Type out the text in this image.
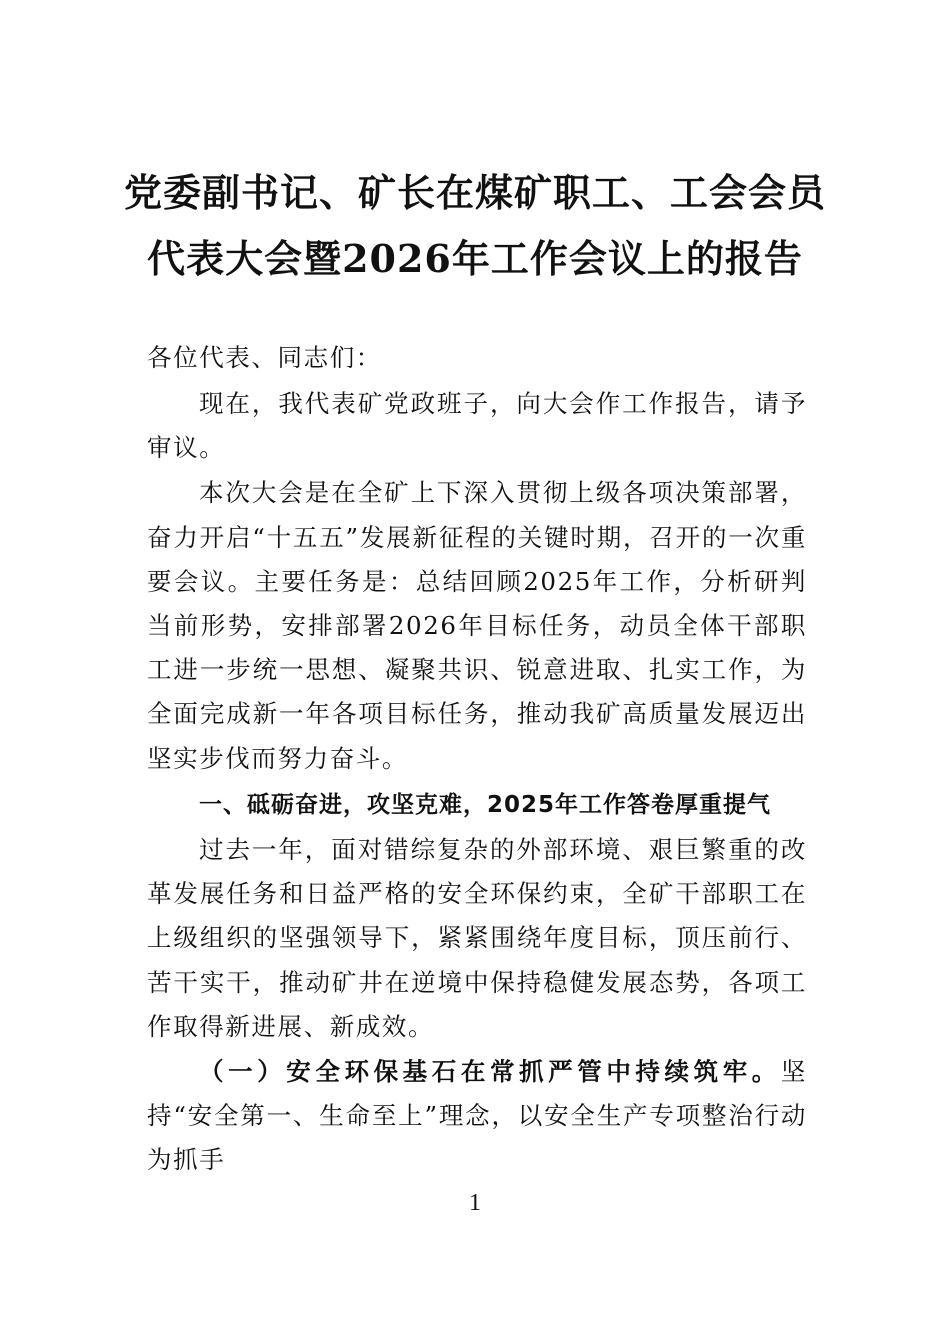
党委副书记、矿长在煤矿职工、工会会员
代表大会暨2026年工作会议上的报告
各位代表、同志们：

现在，我代表矿党政班子，向大会作工作报告，请予审议。

本次大会是在全矿上下深入贯彻上级各项决策部署，奋力开启“十五五”发展新征程的关键时期，召开的一次重要会议。主要任务是：总结回顾2025年工作，分析研判当前形势，安排部署2026年目标任务，动员全体干部职工进一步统一思想、凝聚共识、锐意进取、扎实工作，为全面完成新一年各项目标任务，推动我矿高质量发展迈出坚实步伐而努力奋斗。

一、砥砺奋进，攻坚克难，2025年工作答卷厚重提气

过去一年，面对错综复杂的外部环境、艰巨繁重的改革发展任务和日益严格的安全环保约束，全矿干部职工在上级组织的坚强领导下，紧紧围绕年度目标，顶压前行、苦干实干，推动矿井在逆境中保持稳健发展态势，各项工作取得新进展、新成效。

（一）安全环保基石在常抓严管中持续筑牢。坚持“安全第一、生命至上”理念，以安全生产专项整治行动为抓手

1
